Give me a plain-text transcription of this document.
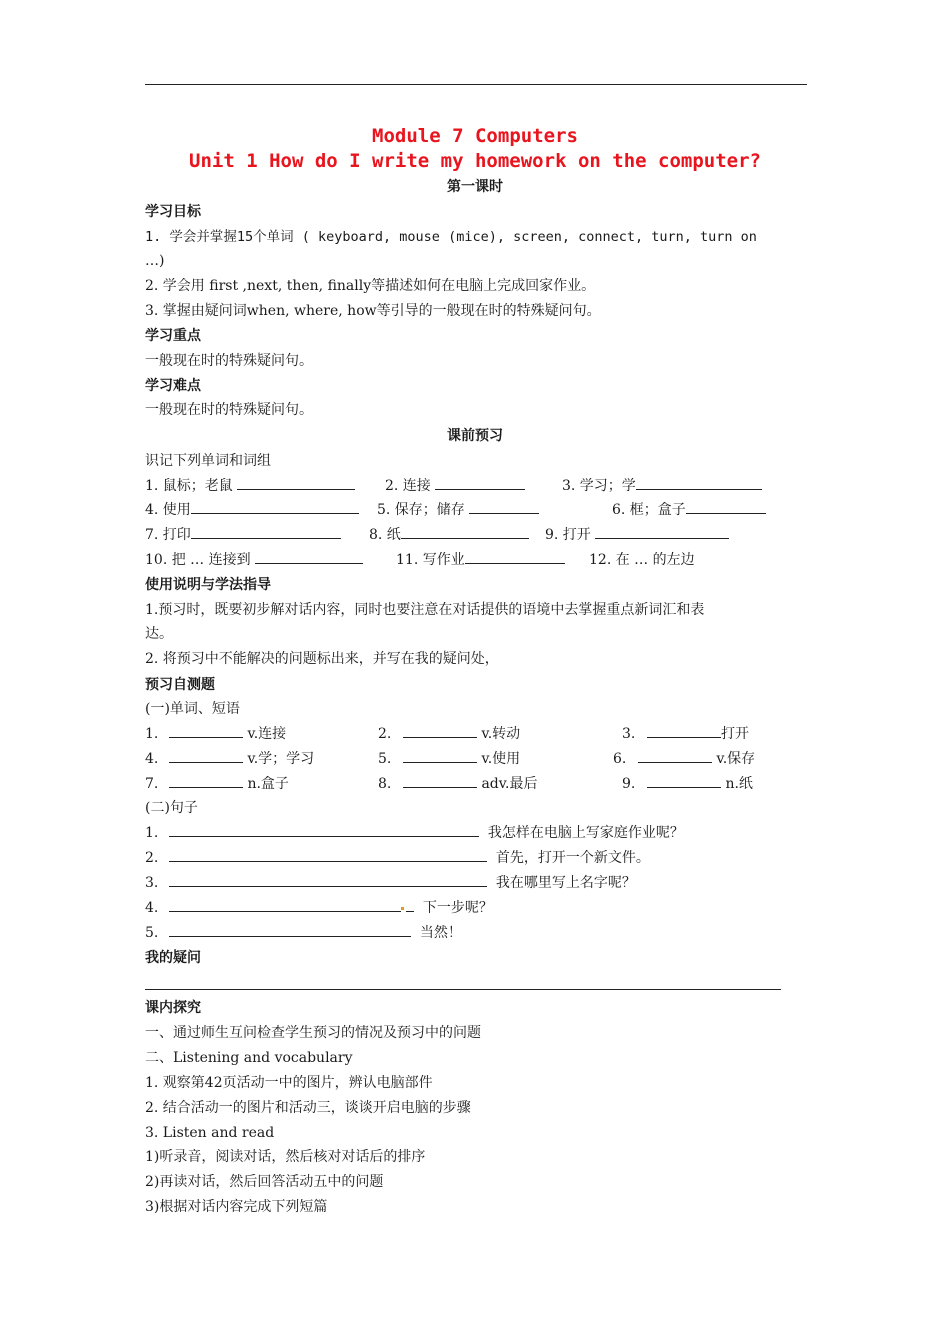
Module 7 Computers
Unit 1 How do I write my homework on the computer?
第一课时
学习目标
1. 学会并掌握15个单词 ( keyboard, mouse (mice), screen, connect, turn, turn on
…)
2. 学会用 first ,next, then, finally等描述如何在电脑上完成回家作业。
3. 掌握由疑问词when, where, how等引导的一般现在时的特殊疑问句。
学习重点
一般现在时的特殊疑问句。
学习难点
一般现在时的特殊疑问句。
课前预习
识记下列单词和词组
1. 鼠标；老鼠	2. 连接	3. 学习；学
4. 使用	5. 保存；储存	6. 框；盒子
7. 打印	8. 纸	9. 打开
10. 把 … 连接到	11. 写作业	12. 在 … 的左边
使用说明与学法指导
1.预习时，既要初步解对话内容，同时也要注意在对话提供的语境中去掌握重点新词汇和表
达。
2. 将预习中不能解决的问题标出来，并写在我的疑问处，
预习自测题
(一)单词、短语
1.	v.连接	2.	v.转动	3.	打开
4.	v.学；学习	5.	v.使用	6.	v.保存
7.	n.盒子	8.	adv.最后	9.	n.纸
(二)句子
1.	我怎样在电脑上写家庭作业呢？
2.	首先，打开一个新文件。
3.	我在哪里写上名字呢？
4.	下一步呢？
5.	当然！
我的疑问
课内探究
一、通过师生互问检查学生预习的情况及预习中的问题
二、Listening and vocabulary
1. 观察第42页活动一中的图片，辨认电脑部件
2. 结合活动一的图片和活动三，谈谈开启电脑的步骤
3. Listen and read
1)听录音，阅读对话，然后核对对话后的排序
2)再读对话，然后回答活动五中的问题
3)根据对话内容完成下列短篇
